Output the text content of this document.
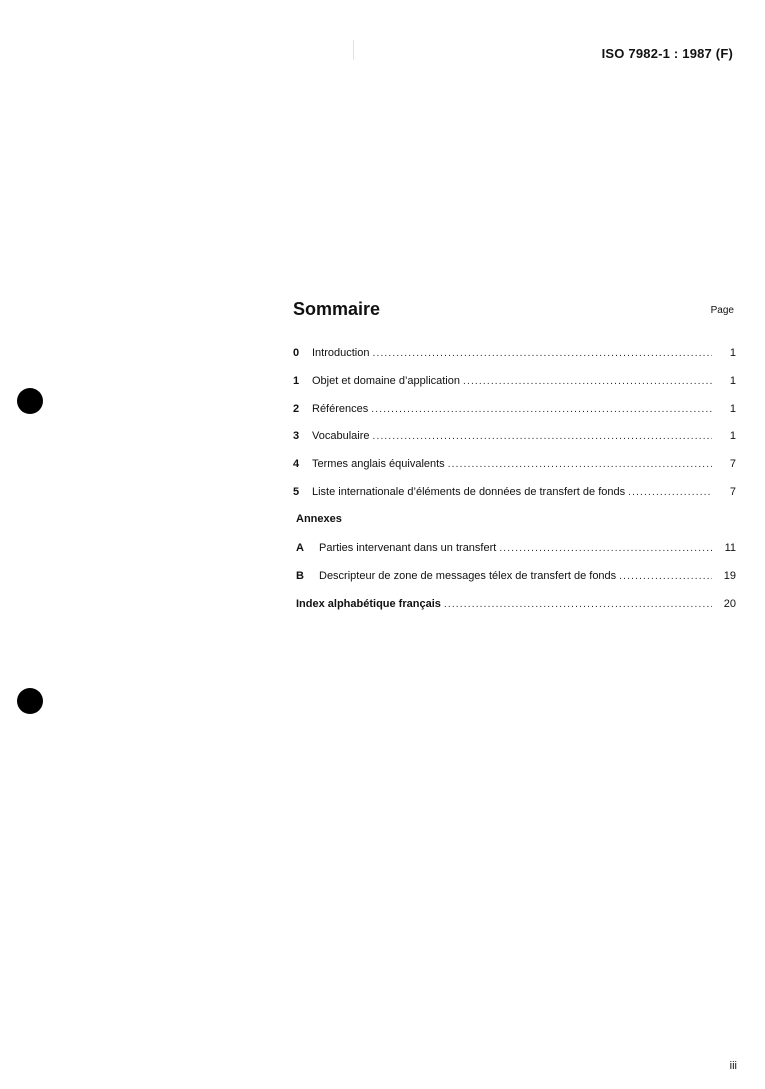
ISO 7982-1 : 1987 (F)
Sommaire	Page
0	Introduction .....	1
1	Objet et domaine d’application .....	1
2	Références .....	1
3	Vocabulaire .....	1
4	Termes anglais équivalents .....	7
5	Liste internationale d’éléments de données de transfert de fonds .....	7
Annexes
A	Parties intervenant dans un transfert .....	11
B	Descripteur de zone de messages télex de transfert de fonds .....	19
Index alphabétique français .....	20
iii
